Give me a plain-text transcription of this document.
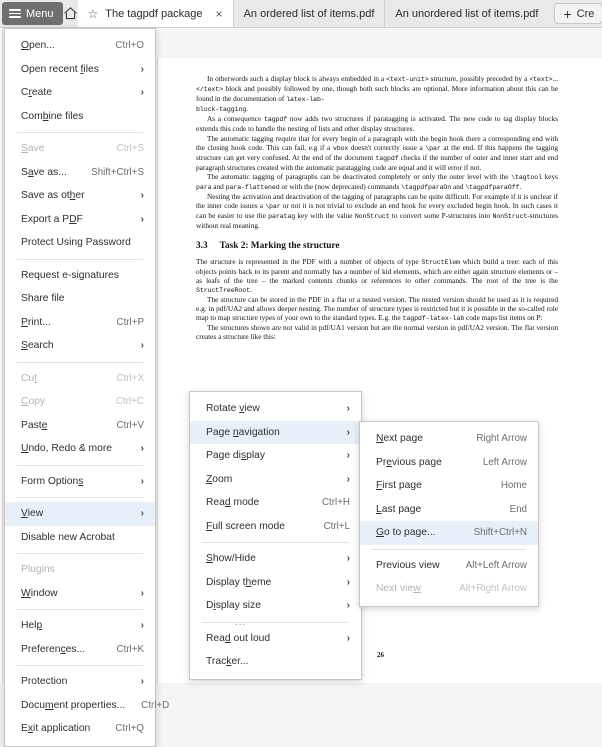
Menu	☆ The tagpdf package × An ordered list of items.pdf An unordered list of items.pdf + Cre

In otherwords such a display block is always embedded in a <text-unit> structure, possibly preceded by a <text>...</text> block and possibly followed by one, though both such blocks are optional. More information about this can be found in the documentation of latex-lab-
block-tagging.

As a consequence tagpdf now adds two structures if paratagging is activated. The new code to tag display blocks extends this code to handle the nesting of lists and other display structures.

The automatic tagging require that for every begin of a paragraph with the begin hook there a corresponding end with the closing hook code. This can fail, e.g if a vbox doesn't correctly issue a \par at the end. If this happens the tagging structure can get very confused. At the end of the document tagpdf checks if the number of outer and inner start and end paragraph structures created with the automatic paratagging code are equal and it will error if not.

The automatic tagging of paragraphs can be deactivated completely or only the outer level with the \tagtool keys para and para-flattened or with the (now deprecated) commands \tagpdfparaOn and \tagpdfparaOff.

Nesting the activation and deactivation of the tagging of paragraphs can be quite difficult. For example if it is unclear if the inner code issues a \par or not it is not trivial to exclude an end hook for every excluded begin hook. In such cases it can be easier to use the paratag key with the value NonStruct to convert some P-structures into NonStruct-structures without real meaning.

3.3 Task 2: Marking the structure

The structure is represented in the PDF with a number of objects of type StructElem which build a tree: each of this objects points back to its parent and normally has a number of kid elements, which are either again structure elements or – as leafs of the tree – the marked contents chunks or references to other commands. The root of the tree is the StructTreeRoot.

The structure can be stored in the PDF in a flat or a nested version. The nested version should be used as it is required e.g. in pdf/UA2 and allows deeper nesting. The number of structure types is restricted but it is possible in the so-called role map to map structure types of your own to the standard types. E.g. the tagpdf-latex-lab code maps list items on P:

The structures shown are not valid in pdf/UA1 version but are the normal version in pdf/UA2 version. The flat version creates a structure like this:

26
Open...	Ctrl+O
Open recent files	›
Create	›
Combine files
Save	Ctrl+S
Save as... Shift+Ctrl+S
Save as other	›
Export a PDF	›
Protect Using Password
Request e-signatures
Share file
Print...	Ctrl+P
Search	›
Cut	Ctrl+X
Copy	Ctrl+C
Paste	Ctrl+V
Undo, Redo & more	›
Form Options	›
View	›
Disable new Acrobat
Plugins
Window	›
Help	›
Preferences...	Ctrl+K
Protection	›
Document properties... Ctrl+D
Exit application	Ctrl+Q
Rotate view	›
Page navigation	›
Page display	›
Zoom	›
Read mode	Ctrl+H
Full screen mode	Ctrl+L
Show/Hide	›
Display theme	›
Display size	›
Read out loud	›
Tracker...
Next page	Right Arrow
Previous page	Left Arrow
First page	Home
Last page	End
Go to page...	Shift+Ctrl+N
Previous view	Alt+Left Arrow
Next view	Alt+Right Arrow
...
